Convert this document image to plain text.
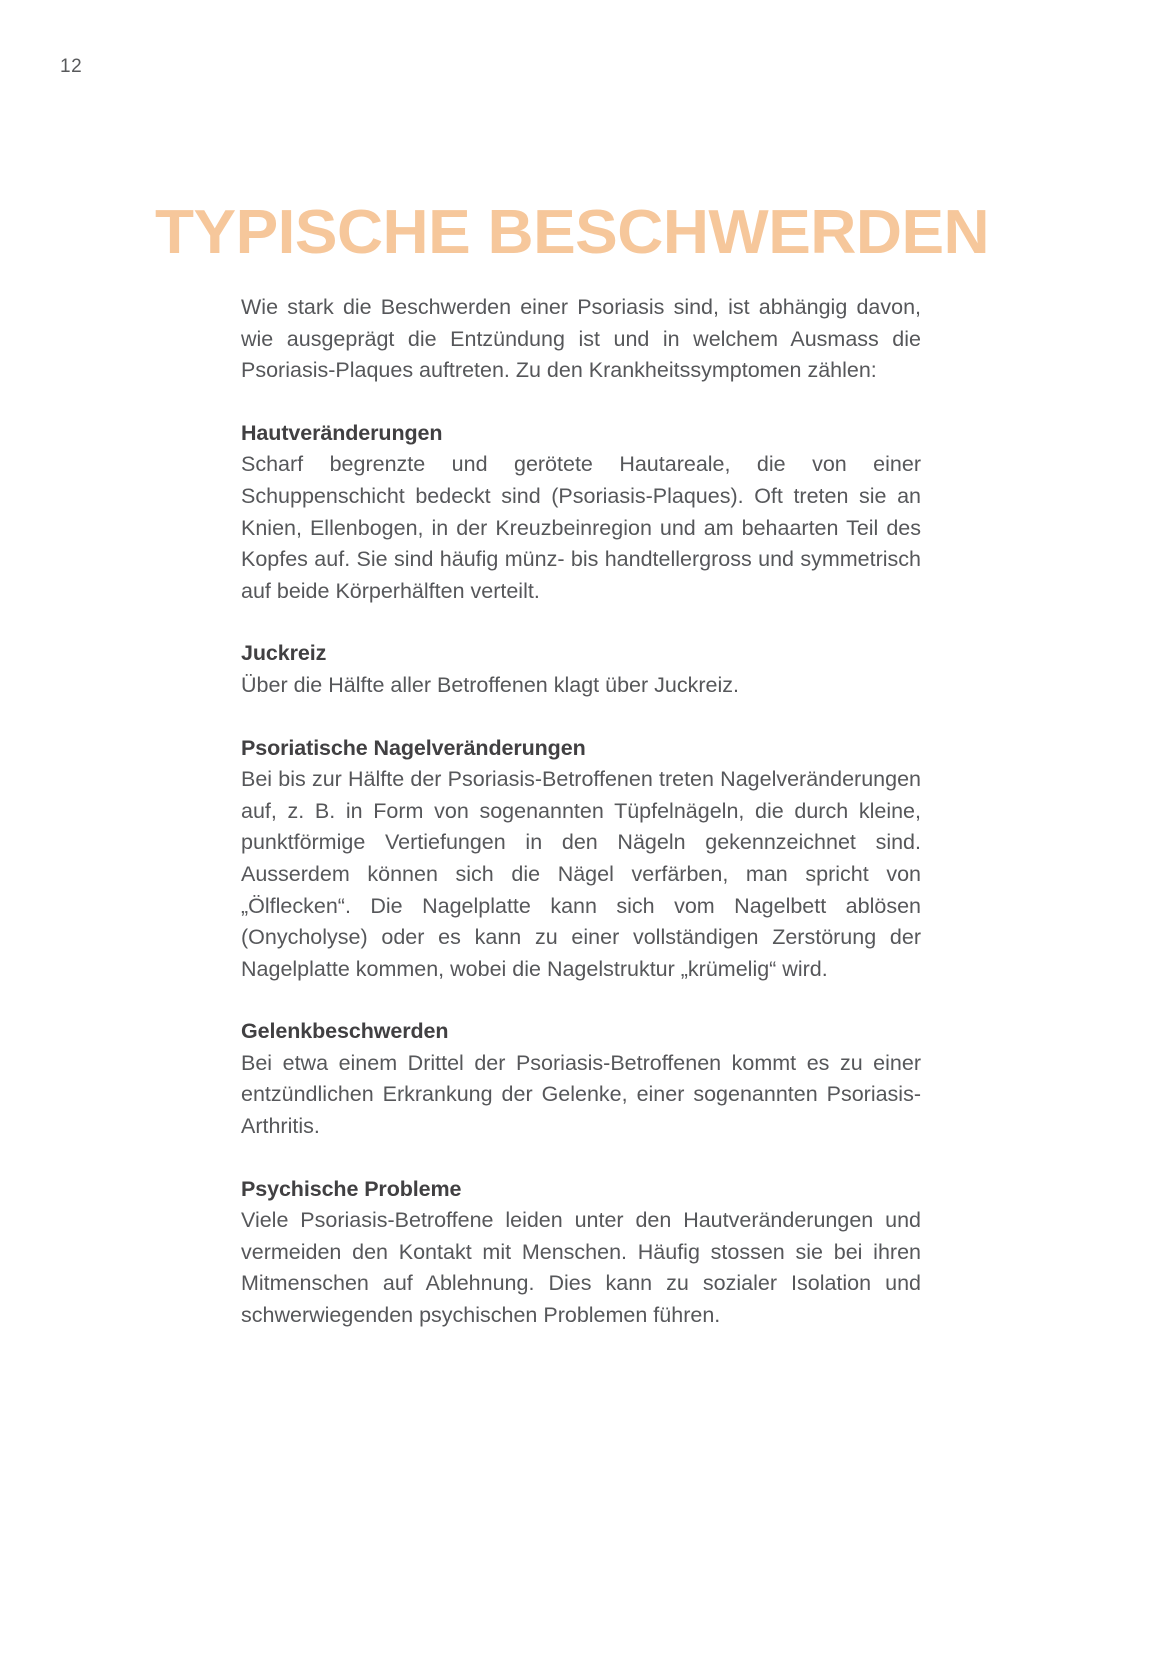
12
TYPISCHE BESCHWERDEN

Wie stark die Beschwerden einer Psoriasis sind, ist abhängig davon, wie ausgeprägt die Entzündung ist und in welchem Ausmass die Psoriasis-Plaques auftreten. Zu den Krankheitssymptomen zählen:

Hautveränderungen

Scharf begrenzte und gerötete Hautareale, die von einer Schuppenschicht bedeckt sind (Psoriasis-Plaques). Oft treten sie an Knien, Ellenbogen, in der Kreuzbeinregion und am behaarten Teil des Kopfes auf. Sie sind häufig münz- bis handtellergross und symmetrisch auf beide Körperhälften verteilt.

Juckreiz

Über die Hälfte aller Betroffenen klagt über Juckreiz.

Psoriatische Nagelveränderungen

Bei bis zur Hälfte der Psoriasis-Betroffenen treten Nagelveränderungen auf, z. B. in Form von sogenannten Tüpfelnägeln, die durch kleine, punktförmige Vertiefungen in den Nägeln gekennzeichnet sind. Ausserdem können sich die Nägel verfärben, man spricht von „Ölflecken“. Die Nagelplatte kann sich vom Nagelbett ablösen (Onycholyse) oder es kann zu einer vollständigen Zerstörung der Nagelplatte kommen, wobei die Nagelstruktur „krümelig“ wird.

Gelenkbeschwerden

Bei etwa einem Drittel der Psoriasis-Betroffenen kommt es zu einer entzündlichen Erkrankung der Gelenke, einer sogenannten Psoriasis-Arthritis.

Psychische Probleme

Viele Psoriasis-Betroffene leiden unter den Hautveränderungen und vermeiden den Kontakt mit Menschen. Häufig stossen sie bei ihren Mitmenschen auf Ablehnung. Dies kann zu sozialer Isolation und schwerwiegenden psychischen Problemen führen.
